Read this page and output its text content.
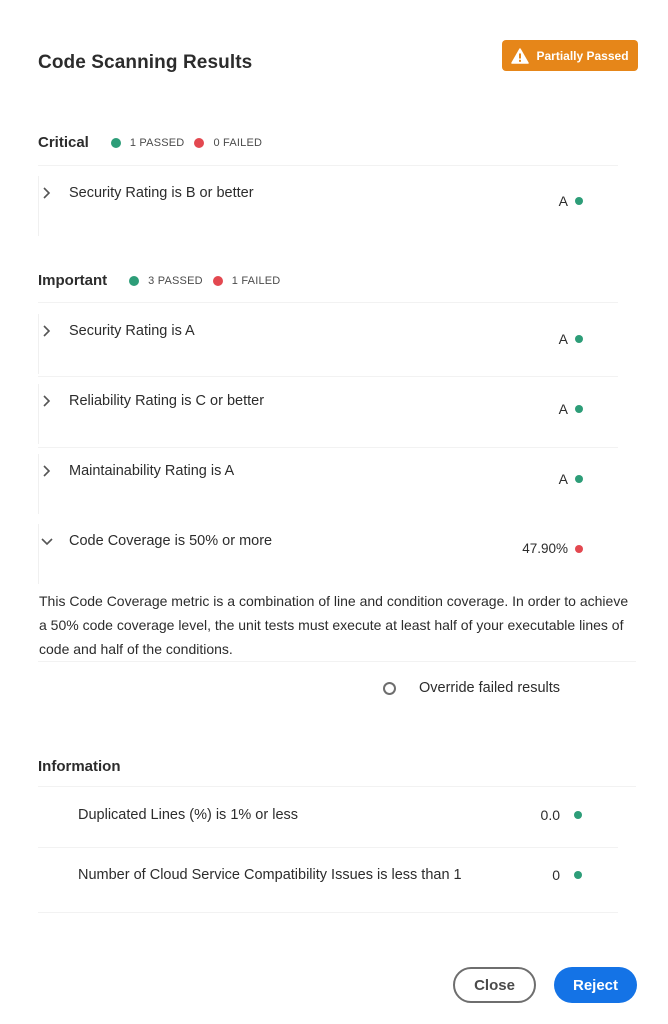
Code Scanning Results	Partially Passed
Critical	1 PASSED	0 FAILED
Security Rating is B or better	A
Important	3 PASSED	1 FAILED
Security Rating is A	A
Reliability Rating is C or better	A
Maintainability Rating is A	A
Code Coverage is 50% or more	47.90%
This Code Coverage metric is a combination of line and condition coverage. In order to achieve a 50% code coverage level, the unit tests must execute at least half of your executable lines of code and half of the conditions.
Override failed results
Information
Duplicated Lines (%) is 1% or less	0.0
Number of Cloud Service Compatibility Issues is less than 1	0
Close	Reject
